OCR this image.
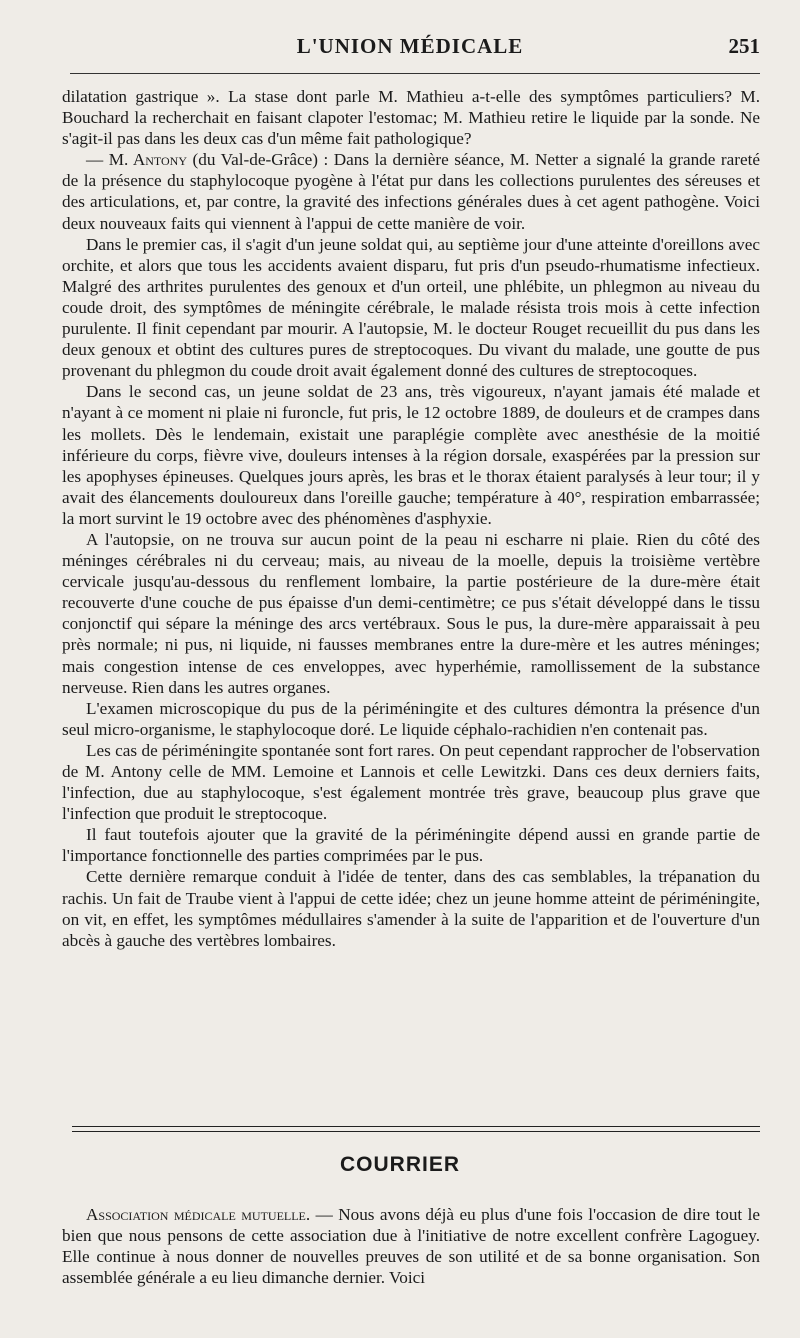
L'UNION MÉDICALE	251

dilatation gastrique ». La stase dont parle M. Mathieu a-t-elle des symptômes particuliers? M. Bouchard la recherchait en faisant clapoter l'estomac; M. Mathieu retire le liquide par la sonde. Ne s'agit-il pas dans les deux cas d'un même fait pathologique?

— M. Antony (du Val-de-Grâce) : Dans la dernière séance, M. Netter a signalé la grande rareté de la présence du staphylocoque pyogène à l'état pur dans les collections purulentes des séreuses et des articulations, et, par contre, la gravité des infections générales dues à cet agent pathogène. Voici deux nouveaux faits qui viennent à l'appui de cette manière de voir.

Dans le premier cas, il s'agit d'un jeune soldat qui, au septième jour d'une atteinte d'oreillons avec orchite, et alors que tous les accidents avaient disparu, fut pris d'un pseudo-rhumatisme infectieux. Malgré des arthrites purulentes des genoux et d'un orteil, une phlébite, un phlegmon au niveau du coude droit, des symptômes de méningite cérébrale, le malade résista trois mois à cette infection purulente. Il finit cependant par mourir. A l'autopsie, M. le docteur Rouget recueillit du pus dans les deux genoux et obtint des cultures pures de streptocoques. Du vivant du malade, une goutte de pus provenant du phlegmon du coude droit avait également donné des cultures de streptocoques.

Dans le second cas, un jeune soldat de 23 ans, très vigoureux, n'ayant jamais été malade et n'ayant à ce moment ni plaie ni furoncle, fut pris, le 12 octobre 1889, de douleurs et de crampes dans les mollets. Dès le lendemain, existait une paraplégie complète avec anesthésie de la moitié inférieure du corps, fièvre vive, douleurs intenses à la région dorsale, exaspérées par la pression sur les apophyses épineuses. Quelques jours après, les bras et le thorax étaient paralysés à leur tour; il y avait des élancements douloureux dans l'oreille gauche; température à 40°, respiration embarrassée; la mort survint le 19 octobre avec des phénomènes d'asphyxie.

A l'autopsie, on ne trouva sur aucun point de la peau ni escharre ni plaie. Rien du côté des méninges cérébrales ni du cerveau; mais, au niveau de la moelle, depuis la troisième vertèbre cervicale jusqu'au-dessous du renflement lombaire, la partie postérieure de la dure-mère était recouverte d'une couche de pus épaisse d'un demi-centimètre; ce pus s'était développé dans le tissu conjonctif qui sépare la méninge des arcs vertébraux. Sous le pus, la dure-mère apparaissait à peu près normale; ni pus, ni liquide, ni fausses membranes entre la dure-mère et les autres méninges; mais congestion intense de ces enveloppes, avec hyperhémie, ramollissement de la substance nerveuse. Rien dans les autres organes.

L'examen microscopique du pus de la périméningite et des cultures démontra la présence d'un seul micro-organisme, le staphylocoque doré. Le liquide céphalo-rachidien n'en contenait pas.

Les cas de périméningite spontanée sont fort rares. On peut cependant rapprocher de l'observation de M. Antony celle de MM. Lemoine et Lannois et celle Lewitzki. Dans ces deux derniers faits, l'infection, due au staphylocoque, s'est également montrée très grave, beaucoup plus grave que l'infection que produit le streptocoque.

Il faut toutefois ajouter que la gravité de la périméningite dépend aussi en grande partie de l'importance fonctionnelle des parties comprimées par le pus.

Cette dernière remarque conduit à l'idée de tenter, dans des cas semblables, la trépanation du rachis. Un fait de Traube vient à l'appui de cette idée; chez un jeune homme atteint de périméningite, on vit, en effet, les symptômes médullaires s'amender à la suite de l'apparition et de l'ouverture d'un abcès à gauche des vertèbres lombaires.

COURRIER

Association médicale mutuelle. — Nous avons déjà eu plus d'une fois l'occasion de dire tout le bien que nous pensons de cette association due à l'initiative de notre excellent confrère Lagoguey. Elle continue à nous donner de nouvelles preuves de son utilité et de sa bonne organisation. Son assemblée générale a eu lieu dimanche dernier. Voici
